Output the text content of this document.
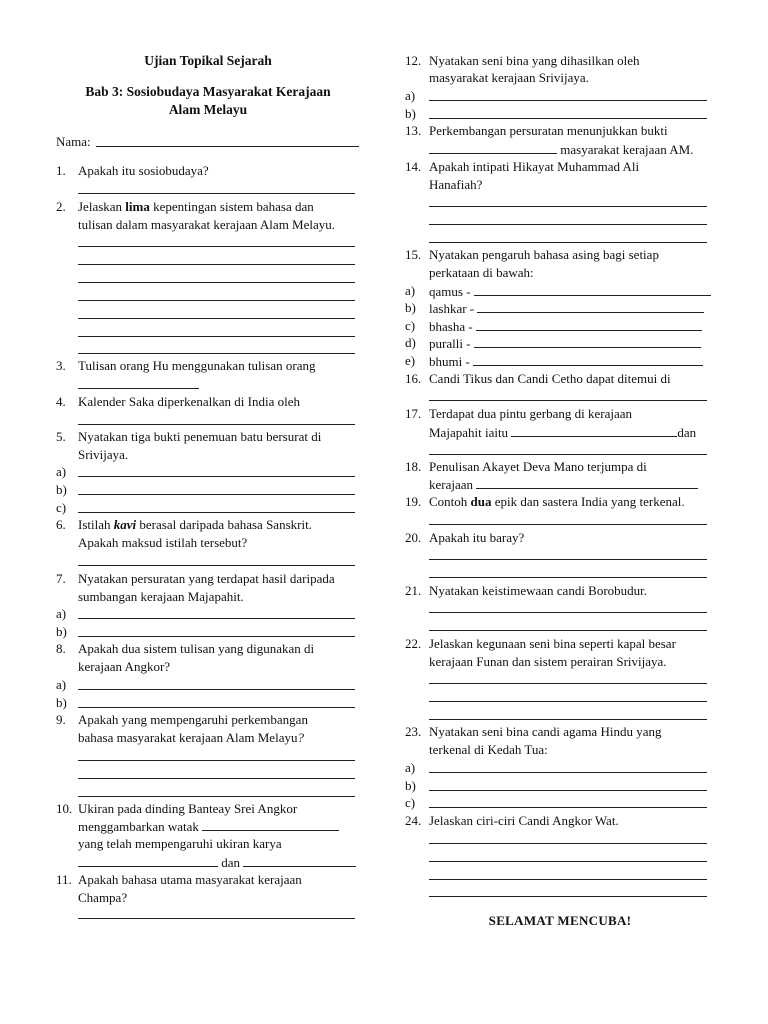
Ujian Topikal Sejarah
Bab 3: Sosiobudaya Masyarakat Kerajaan
Alam Melayu
Nama:
1. Apakah itu sosiobudaya?
2. Jelaskan lima kepentingan sistem bahasa dan
tulisan dalam masyarakat kerajaan Alam Melayu.
3. Tulisan orang Hu menggunakan tulisan orang
4. Kalender Saka diperkenalkan di India oleh
5. Nyatakan tiga bukti penemuan batu bersurat di
Srivijaya.
a)
b)
c)
6. Istilah kavi berasal daripada bahasa Sanskrit.
Apakah maksud istilah tersebut?
7. Nyatakan persuratan yang terdapat hasil daripada
sumbangan kerajaan Majapahit.
a)
b)
8. Apakah dua sistem tulisan yang digunakan di
kerajaan Angkor?
a)
b)
9. Apakah yang mempengaruhi perkembangan
bahasa masyarakat kerajaan Alam Melayu?
10. Ukiran pada dinding Banteay Srei Angkor
menggambarkan watak
yang telah mempengaruhi ukiran karya
dan
11. Apakah bahasa utama masyarakat kerajaan
Champa?
12. Nyatakan seni bina yang dihasilkan oleh
masyarakat kerajaan Srivijaya.
a)
b)
13. Perkembangan persuratan menunjukkan bukti
masyarakat kerajaan AM.
14. Apakah intipati Hikayat Muhammad Ali
Hanafiah?
15. Nyatakan pengaruh bahasa asing bagi setiap
perkataan di bawah:
a) qamus -
b) lashkar -
c) bhasha -
d) puralli -
e) bhumi -
16. Candi Tikus dan Candi Cetho dapat ditemui di
17. Terdapat dua pintu gerbang di kerajaan
Majapahit iaitu	dan
18. Penulisan Akayet Deva Mano terjumpa di
kerajaan
19. Contoh dua epik dan sastera India yang terkenal.
20. Apakah itu baray?
21. Nyatakan keistimewaan candi Borobudur.
22. Jelaskan kegunaan seni bina seperti kapal besar
kerajaan Funan dan sistem perairan Srivijaya.
23. Nyatakan seni bina candi agama Hindu yang
terkenal di Kedah Tua:
a)
b)
c)
24. Jelaskan ciri-ciri Candi Angkor Wat.
SELAMAT MENCUBA!
